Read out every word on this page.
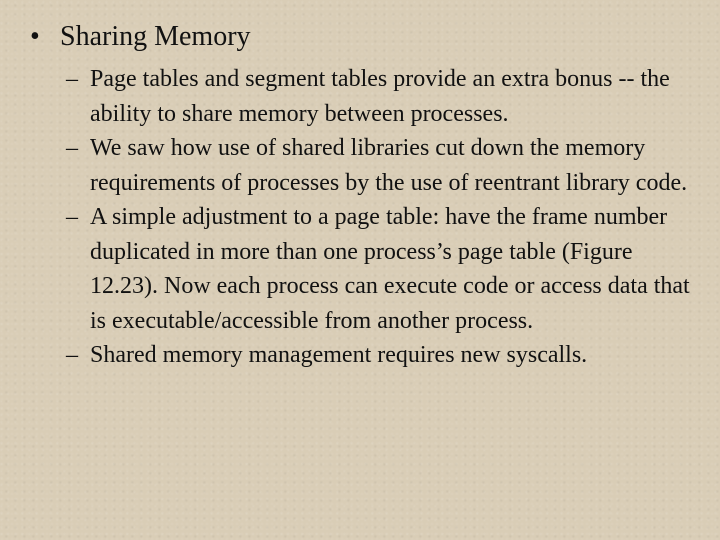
• Sharing Memory
– Page tables and segment tables provide an extra bonus -- the ability to share memory between processes.
– We saw how use of shared libraries cut down the memory requirements of processes by the use of reentrant library code.
– A simple adjustment to a page table: have the frame number duplicated in more than one process’s page table (Figure 12.23). Now each process can execute code or access data that is executable/accessible from another process.
– Shared memory management requires new syscalls.
